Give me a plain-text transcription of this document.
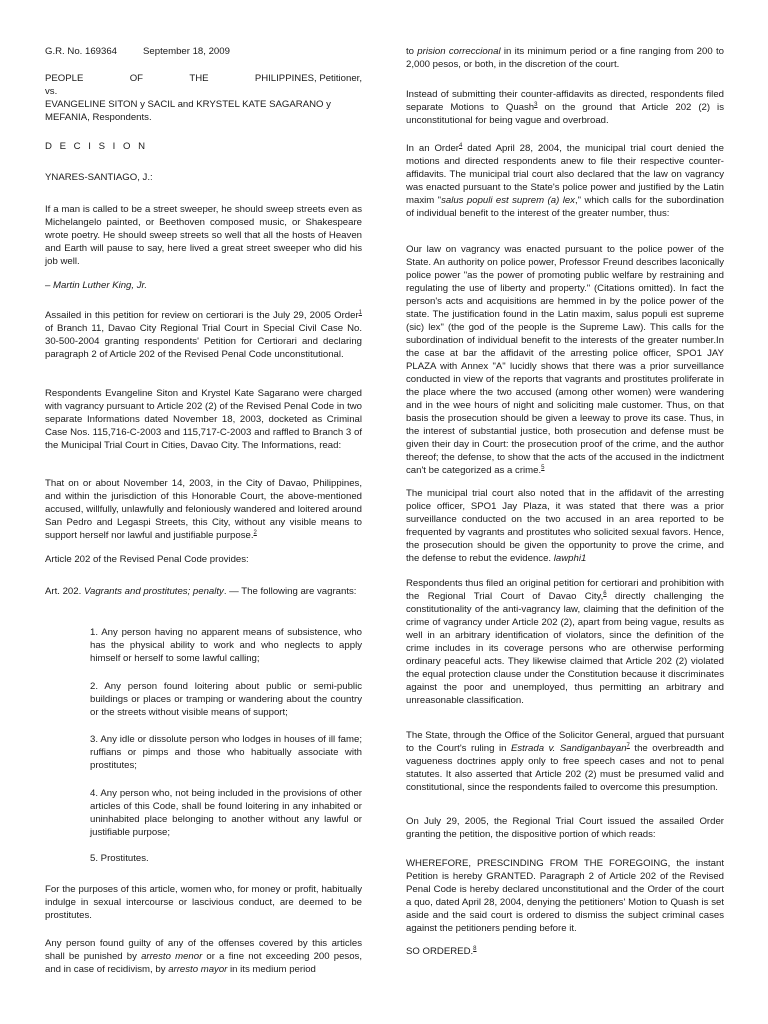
G.R. No. 169364	September 18, 2009

PEOPLE	OF	THE	PHILIPPINES, Petitioner,
vs.
EVANGELINE SITON y SACIL and KRYSTEL KATE SAGARANO y
MEFANIA, Respondents.

D E C I S I O N

YNARES-SANTIAGO, J.:

If a man is called to be a street sweeper, he should sweep streets even as Michelangelo painted, or Beethoven composed music, or Shakespeare wrote poetry. He should sweep streets so well that all the hosts of Heaven and Earth will pause to say, here lived a great street sweeper who did his job well.

– Martin Luther King, Jr.

Assailed in this petition for review on certiorari is the July 29, 2005 Order$^1$ of Branch 11, Davao City Regional Trial Court in Special Civil Case No. 30-500-2004 granting respondents' Petition for Certiorari and declaring paragraph 2 of Article 202 of the Revised Penal Code unconstitutional.

Respondents Evangeline Siton and Krystel Kate Sagarano were charged with vagrancy pursuant to Article 202 (2) of the Revised Penal Code in two separate Informations dated November 18, 2003, docketed as Criminal Case Nos. 115,716-C-2003 and 115,717-C-2003 and raffled to Branch 3 of the Municipal Trial Court in Cities, Davao City. The Informations, read:

That on or about November 14, 2003, in the City of Davao, Philippines, and within the jurisdiction of this Honorable Court, the above-mentioned accused, willfully, unlawfully and feloniously wandered and loitered around San Pedro and Legaspi Streets, this City, without any visible means to support herself nor lawful and justifiable purpose.$^2$

Article 202 of the Revised Penal Code provides:

Art. 202. Vagrants and prostitutes; penalty. — The following are vagrants:

1. Any person having no apparent means of subsistence, who has the physical ability to work and who neglects to apply himself or herself to some lawful calling;

2. Any person found loitering about public or semi-public buildings or places or tramping or wandering about the country or the streets without visible means of support;

3. Any idle or dissolute person who lodges in houses of ill fame; ruffians or pimps and those who habitually associate with prostitutes;

4. Any person who, not being included in the provisions of other articles of this Code, shall be found loitering in any inhabited or uninhabited place belonging to another without any lawful or justifiable purpose;

5. Prostitutes.

For the purposes of this article, women who, for money or profit, habitually indulge in sexual intercourse or lascivious conduct, are deemed to be prostitutes.

Any person found guilty of any of the offenses covered by this articles shall be punished by arresto menor or a fine not exceeding 200 pesos, and in case of recidivism, by arresto mayor in its medium period

to prision correccional in its minimum period or a fine ranging from 200 to 2,000 pesos, or both, in the discretion of the court.

Instead of submitting their counter-affidavits as directed, respondents filed separate Motions to Quash$^3$ on the ground that Article 202 (2) is unconstitutional for being vague and overbroad.

In an Order$^4$ dated April 28, 2004, the municipal trial court denied the motions and directed respondents anew to file their respective counter-affidavits. The municipal trial court also declared that the law on vagrancy was enacted pursuant to the State's police power and justified by the Latin maxim "salus populi est suprem (a) lex," which calls for the subordination of individual benefit to the interest of the greater number, thus:

Our law on vagrancy was enacted pursuant to the police power of the State. An authority on police power, Professor Freund describes laconically police power "as the power of promoting public welfare by restraining and regulating the use of liberty and property." (Citations omitted). In fact the person's acts and acquisitions are hemmed in by the police power of the state. The justification found in the Latin maxim, salus populi est supreme (sic) lex" (the god of the people is the Supreme Law). This calls for the subordination of individual benefit to the interests of the greater number.In the case at bar the affidavit of the arresting police officer, SPO1 JAY PLAZA with Annex "A" lucidly shows that there was a prior surveillance conducted in view of the reports that vagrants and prostitutes proliferate in the place where the two accused (among other women) were wandering and in the wee hours of night and soliciting male customer. Thus, on that basis the prosecution should be given a leeway to prove its case. Thus, in the interest of substantial justice, both prosecution and defense must be given their day in Court: the prosecution proof of the crime, and the author thereof; the defense, to show that the acts of the accused in the indictment can't be categorized as a crime.$^5$

The municipal trial court also noted that in the affidavit of the arresting police officer, SPO1 Jay Plaza, it was stated that there was a prior surveillance conducted on the two accused in an area reported to be frequented by vagrants and prostitutes who solicited sexual favors. Hence, the prosecution should be given the opportunity to prove the crime, and the defense to rebut the evidence. lawphi1

Respondents thus filed an original petition for certiorari and prohibition with the Regional Trial Court of Davao City,$^6$ directly challenging the constitutionality of the anti-vagrancy law, claiming that the definition of the crime of vagrancy under Article 202 (2), apart from being vague, results as well in an arbitrary identification of violators, since the definition of the crime includes in its coverage persons who are otherwise performing ordinary peaceful acts. They likewise claimed that Article 202 (2) violated the equal protection clause under the Constitution because it discriminates against the poor and unemployed, thus permitting an arbitrary and unreasonable classification.

The State, through the Office of the Solicitor General, argued that pursuant to the Court's ruling in Estrada v. Sandiganbayan$^7$ the overbreadth and vagueness doctrines apply only to free speech cases and not to penal statutes. It also asserted that Article 202 (2) must be presumed valid and constitutional, since the respondents failed to overcome this presumption.

On July 29, 2005, the Regional Trial Court issued the assailed Order granting the petition, the dispositive portion of which reads:

WHEREFORE, PRESCINDING FROM THE FOREGOING, the instant Petition is hereby GRANTED. Paragraph 2 of Article 202 of the Revised Penal Code is hereby declared unconstitutional and the Order of the court a quo, dated April 28, 2004, denying the petitioners' Motion to Quash is set aside and the said court is ordered to dismiss the subject criminal cases against the petitioners pending before it.

SO ORDERED.$^8$
